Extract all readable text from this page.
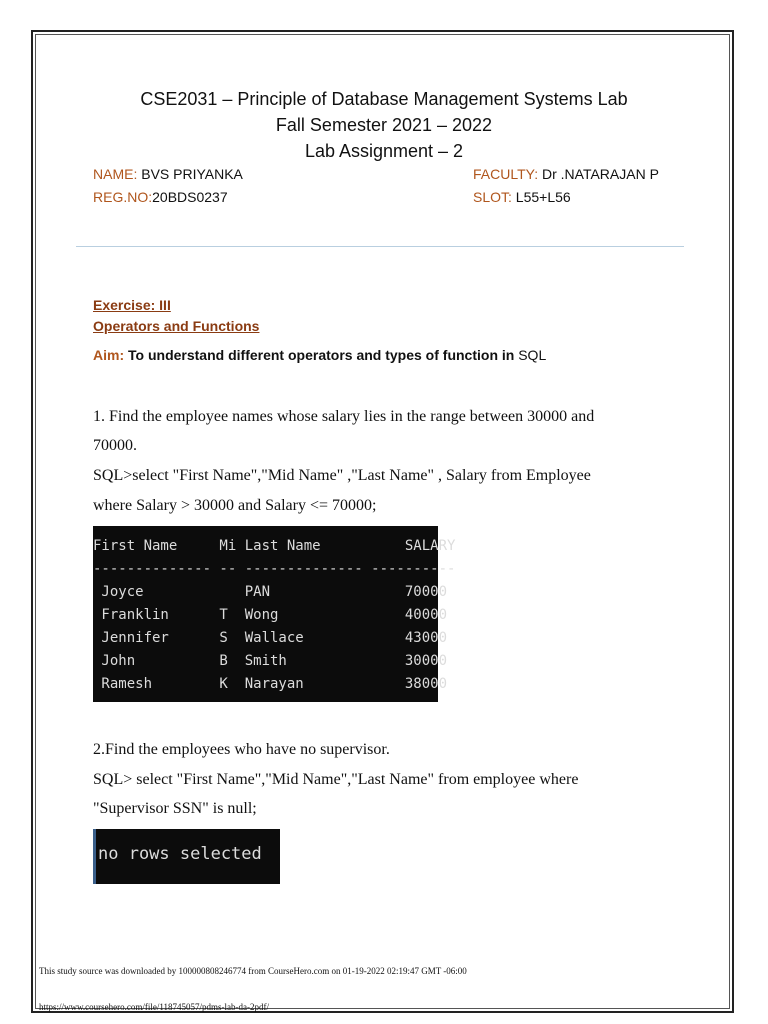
CSE2031 – Principle of Database Management Systems Lab
Fall Semester 2021 – 2022
Lab Assignment – 2
NAME: BVS PRIYANKA	FACULTY: Dr .NATARAJAN P
REG.NO:20BDS0237	SLOT: L55+L56
Exercise: III
Operators and Functions
Aim: To understand different operators and types of function in SQL
1. Find the employee names whose salary lies in the range between 30000 and
70000.
SQL>select "First Name","Mid Name" ,"Last Name" , Salary from Employee
where Salary > 30000 and Salary <= 70000;
First Name     Mi Last Name          SALARY
-------------- -- -------------- ----------
Joyce            PAN                70000
Franklin      T  Wong               40000
Jennifer      S  Wallace            43000
John          B  Smith              30000
Ramesh        K  Narayan            38000
2.Find the employees who have no supervisor.
SQL> select "First Name","Mid Name","Last Name" from employee where
"Supervisor SSN" is null;
no rows selected
This study source was downloaded by 100000808246774 from CourseHero.com on 01-19-2022 02:19:47 GMT -06:00
https://www.coursehero.com/file/118745057/pdms-lab-da-2pdf/
